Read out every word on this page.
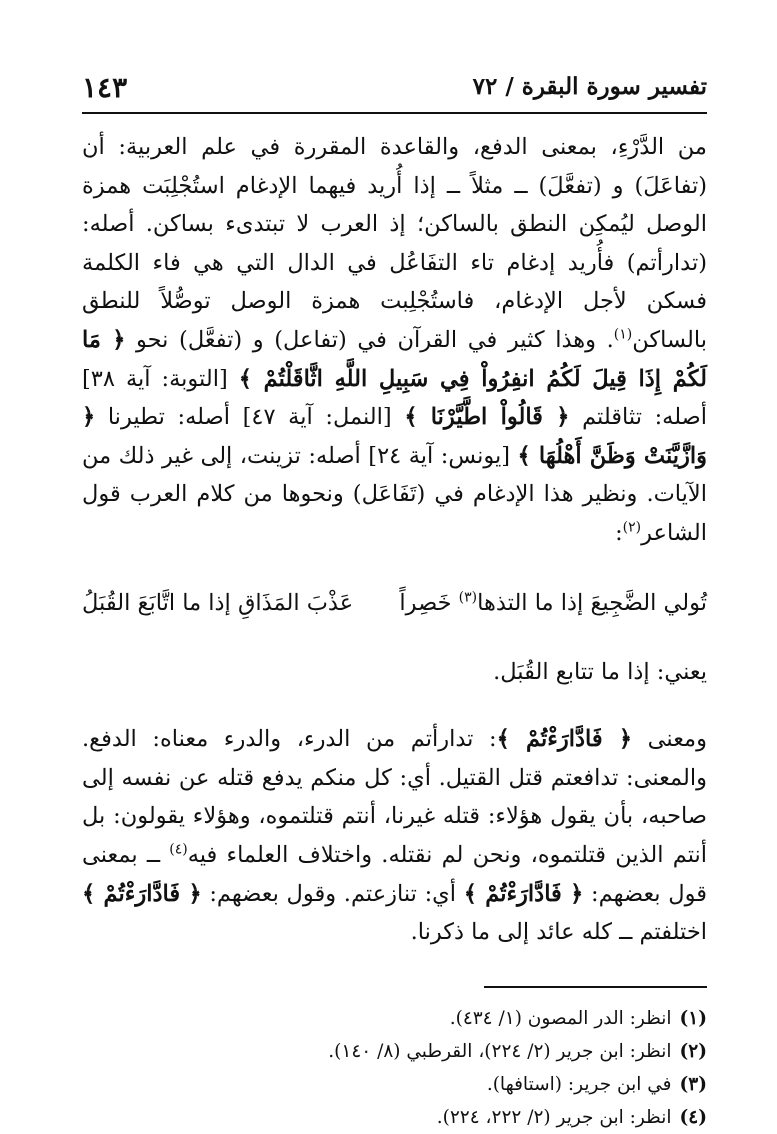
تفسير سورة البقرة / ٧٢
١٤٣

من الدَّرْءِ، بمعنى الدفع، والقاعدة المقررة في علم العربية: أن (تفاعَلَ) و (تفعَّلَ) ــ مثلاً ــ إذا أُريد فيهما الإدغام استُجْلِبَت همزة الوصل ليُمكِن النطق بالساكن؛ إذ العرب لا تبتدىء بساكن. أصله: (تدارأتم) فأُريد إدغام تاء التفَاعُل في الدال التي هي فاء الكلمة فسكن لأجل الإدغام، فاستُجْلِبت همزة الوصل توصُّلاً للنطق بالساكن$^{(١)}$. وهذا كثير في القرآن في (تفاعل) و (تفعَّل) نحو ﴿ مَا لَكُمْ إِذَا قِيلَ لَكُمُ انفِرُواْ فِي سَبِيلِ اللَّهِ اثَّاقَلْتُمْ ﴾ [التوبة: آية ٣٨] أصله: تثاقلتم ﴿ قَالُواْ اطَّيَّرْنَا ﴾ [النمل: آية ٤٧] أصله: تطيرنا ﴿ وَازَّيَّنَتْ وَظَنَّ أَهْلُهَا ﴾ [يونس: آية ٢٤] أصله: تزينت، إلى غير ذلك من الآيات. ونظير هذا الإدغام في (تَفَاعَل) ونحوها من كلام العرب قول الشاعر$^{(٢)}$:

تُولي الضَّجِيعَ إذا ما التذها$^{(٣)}$ خَصِراً
عَذْبَ المَذَاقِ إذا ما اتَّابَعَ القُبَلُ

يعني: إذا ما تتابع القُبَل.

ومعنى ﴿ فَادَّارَءْتُمْ ﴾: تدارأتم من الدرء، والدرء معناه: الدفع. والمعنى: تدافعتم قتل القتيل. أي: كل منكم يدفع قتله عن نفسه إلى صاحبه، بأن يقول هؤلاء: قتله غيرنا، أنتم قتلتموه، وهؤلاء يقولون: بل أنتم الذين قتلتموه، ونحن لم نقتله. واختلاف العلماء فيه$^{(٤)}$ ــ بمعنى قول بعضهم: ﴿ فَادَّارَءْتُمْ ﴾ أي: تنازعتم. وقول بعضهم: ﴿ فَادَّارَءْتُمْ ﴾ اختلفتم ــ كله عائد إلى ما ذكرنا.

(١)انظر: الدر المصون (١/ ٤٣٤).
(٢)انظر: ابن جرير (٢/ ٢٢٤)، القرطبي (٨/ ١٤٠).
(٣)في ابن جرير: (استافها).
(٤)انظر: ابن جرير (٢/ ٢٢٢، ٢٢٤).
